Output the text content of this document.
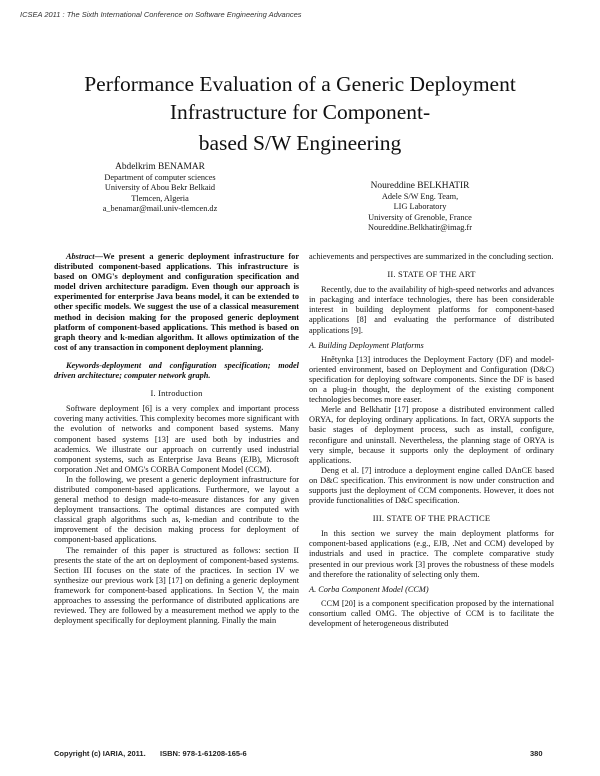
ICSEA 2011 : The Sixth International Conference on Software Engineering Advances
Performance Evaluation of a Generic Deployment
Infrastructure for Component-
based S/W Engineering
Abdelkrim BENAMAR
Department of computer sciences
University of Abou Bekr Belkaid
Tlemcen, Algeria
a_benamar@mail.univ-tlemcen.dz
Noureddine BELKHATIR
Adele S/W Eng. Team,
LIG Laboratory
University of Grenoble, France
Noureddine.Belkhatir@imag.fr

Abstract—We present a generic deployment infrastructure for distributed component-based applications. This infrastructure is based on OMG's deployment and configuration specification and model driven architecture paradigm. Even though our approach is experimented for enterprise Java beans model, it can be extended to other specific models. We suggest the use of a classical measurement method in decision making for the proposed generic deployment platform of component-based applications. This method is based on graph theory and k-median algorithm. It allows optimization of the cost of any transaction in component deployment planning.

Keywords-deployment and configuration specification; model driven architecture; computer network graph.

I. Introduction

Software deployment [6] is a very complex and important process covering many activities. This complexity becomes more significant with the evolution of networks and component based systems. Many component based systems [13] are used both by industries and academics. We illustrate our approach on currently used industrial component systems, such as Enterprise Java Beans (EJB), Microsoft corporation .Net and OMG's CORBA Component Model (CCM).

In the following, we present a generic deployment infrastructure for distributed component-based applications. Furthermore, we layout a general method to design made-to-measure distances for any given deployment transactions. The optimal distances are computed with classical graph algorithms such as, k-median and contribute to the improvement of the decision making process for deployment of component-based applications.

The remainder of this paper is structured as follows: section II presents the state of the art on deployment of component-based systems. Section III focuses on the state of the practices. In section IV we synthesize our previous work [3] [17] on defining a generic deployment framework for component-based applications. In Section V, the main approaches to assessing the performance of distributed applications are reviewed. They are followed by a measurement method we apply to the deployment specifically for deployment planning. Finally the main

achievements and perspectives are summarized in the concluding section.

II. STATE OF THE ART

Recently, due to the availability of high-speed networks and advances in packaging and interface technologies, there has been considerable interest in building deployment platforms for component-based applications [8] and evaluating the performance of distributed applications [9].

A. Building Deployment Platforms

Hnětynka [13] introduces the Deployment Factory (DF) and model-oriented environment, based on Deployment and Configuration (D&C) specification for deploying software components. Since the DF is based on a plug-in thought, the deployment of the existing component technologies becomes more easer.

Merle and Belkhatir [17] propose a distributed environment called ORYA, for deploying ordinary applications. In fact, ORYA supports the basic stages of deployment process, such as install, configure, reconfigure and uninstall. Nevertheless, the planning stage of ORYA is very simple, because it supports only the deployment of ordinary applications.

Deng et al. [7] introduce a deployment engine called DAnCE based on D&C specification. This environment is now under construction and supports just the deployment of CCM components. However, it does not provide functionalities of D&C specification.

III. STATE OF THE PRACTICE

In this section we survey the main deployment platforms for component-based applications (e.g., EJB, .Net and CCM) developed by industrials and used in practice. The complete comparative study presented in our previous work [3] proves the robustness of these models and therefore the rationality of selecting only them.

A. Corba Component Model (CCM)

CCM [20] is a component specification proposed by the international consortium called OMG. The objective of CCM is to facilitate the development of heterogeneous distributed

Copyright (c) IARIA, 2011. ISBN: 978-1-61208-165-6	380
